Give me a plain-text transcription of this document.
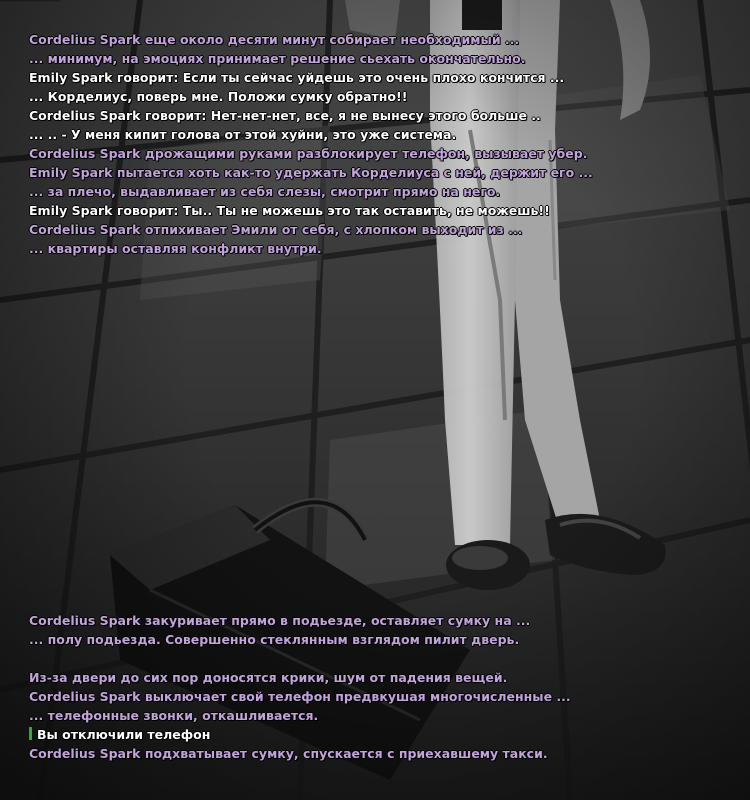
Cordelius Spark еще около десяти минут собирает необходимый ...
... минимум, на эмоциях принимает решение сьехать окончательно.
Emily Spark говорит: Если ты сейчас уйдешь это очень плохо кончится ...
... Корделиус, поверь мне. Положи сумку обратно!!
Cordelius Spark говорит: Нет-нет-нет, все, я не вынесу этого больше ..
... .. - У меня кипит голова от этой хуйни, это уже система.
Cordelius Spark дрожащими руками разблокирует телефон, вызывает убер.
Emily Spark пытается хоть как-то удержать Корделиуса с ней, держит его ...
... за плечо, выдавливает из себя слезы, смотрит прямо на него.
Emily Spark говорит: Ты.. Ты не можешь это так оставить, не можешь!!
Cordelius Spark отпихивает Эмили от себя, с хлопком выходит из ...
... квартиры оставляя конфликт внутри.
Cordelius Spark закуривает прямо в подьезде, оставляет сумку на ...
... полу подьезда. Совершенно стеклянным взглядом пилит дверь.
Из-за двери до сих пор доносятся крики, шум от падения вещей.
Cordelius Spark выключает свой телефон предвкушая многочисленные ...
... телефонные звонки, откашливается.
Вы отключили телефон
Cordelius Spark подхватывает сумку, спускается с приехавшему такси.
